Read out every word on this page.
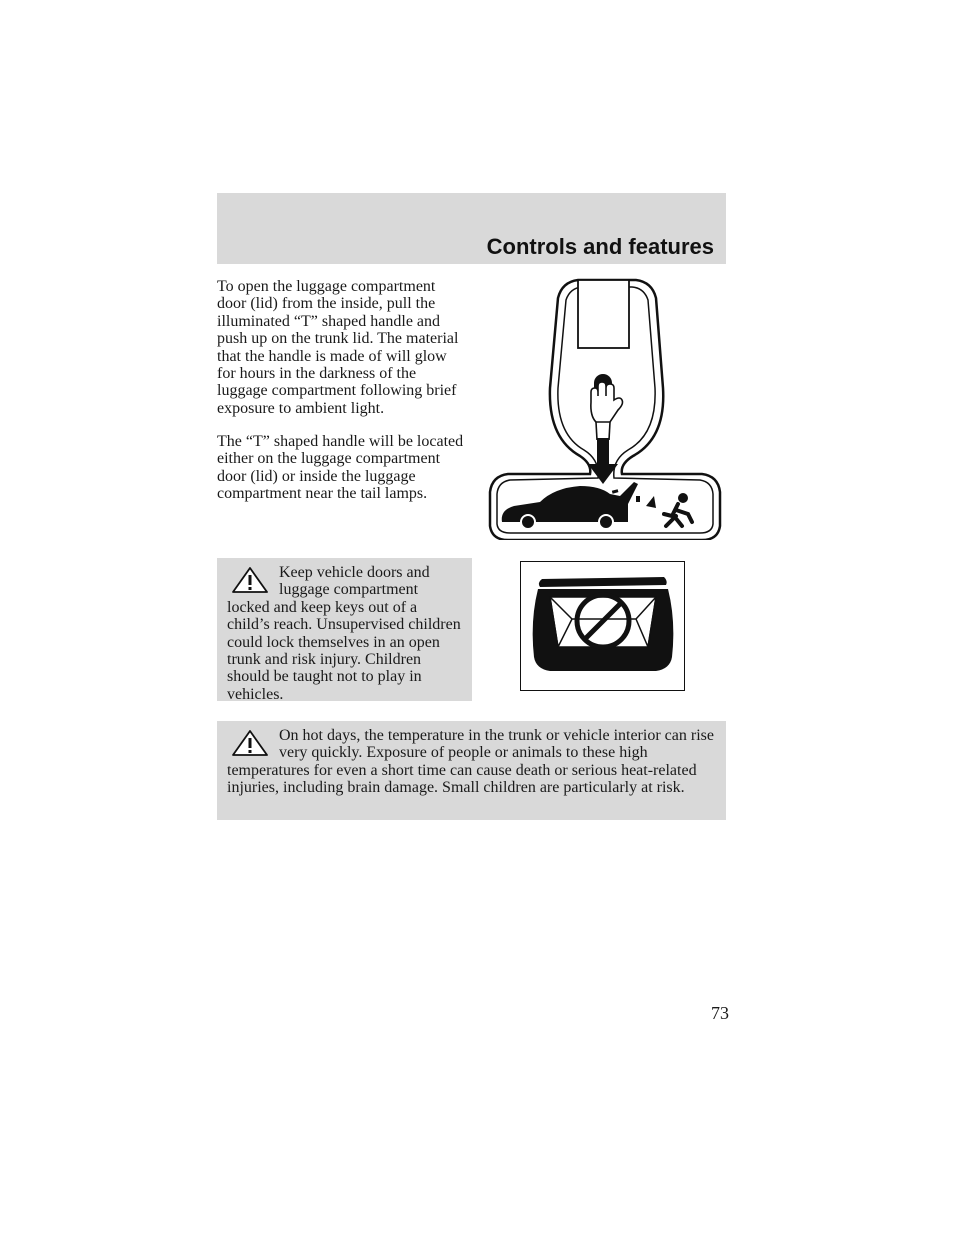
Controls and features

To open the luggage compartment door (lid) from the inside, pull the illuminated “T” shaped handle and push up on the trunk lid. The material that the handle is made of will glow for hours in the darkness of the luggage compartment following brief exposure to ambient light.

The “T” shaped handle will be located either on the luggage compartment door (lid) or inside the luggage compartment near the tail lamps.

Keep vehicle doors and luggage compartment locked and keep keys out of a child’s reach. Unsupervised children could lock themselves in an open trunk and risk injury. Children should be taught not to play in vehicles.

On hot days, the temperature in the trunk or vehicle interior can rise very quickly. Exposure of people or animals to these high temperatures for even a short time can cause death or serious heat-related injuries, including brain damage. Small children are particularly at risk.

73
